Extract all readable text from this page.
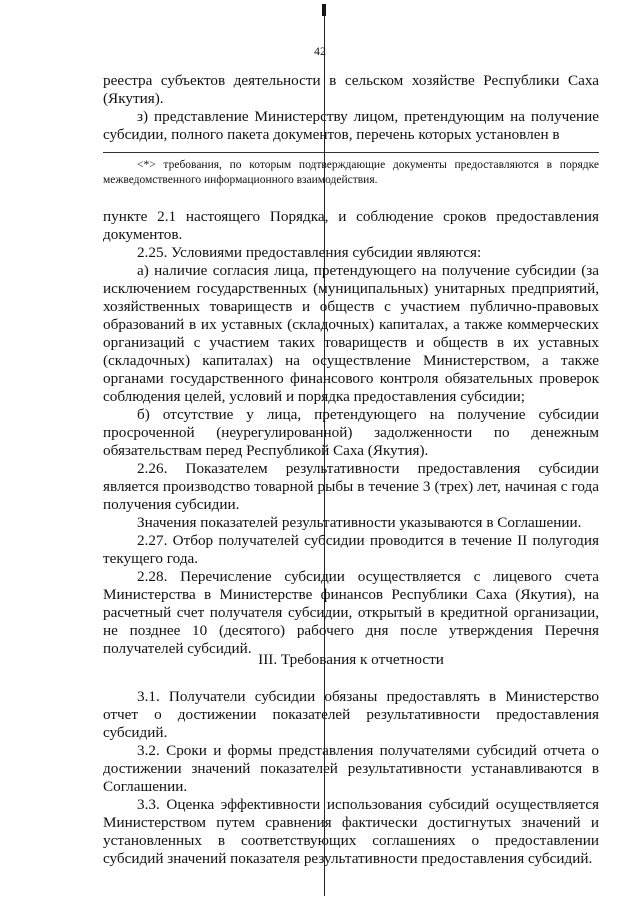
42

реестра субъектов деятельности в сельском хозяйстве Республики Саха (Якутия).

з) представление Министерству лицом, претендующим на получение субсидии, полного пакета документов, перечень которых установлен в

<*> требования, по которым подтверждающие документы предоставляются в порядке межведомственного информационного взаимодействия.

пункте 2.1 настоящего Порядка, и соблюдение сроков предоставления документов.

2.25. Условиями предоставления субсидии являются:

а) наличие согласия лица, претендующего на получение субсидии (за исключением государственных (муниципальных) унитарных предприятий, хозяйственных товариществ и обществ с участием публично-правовых образований в их уставных (складочных) капиталах, а также коммерческих организаций с участием таких товариществ и обществ в их уставных (складочных) капиталах) на осуществление Министерством, а также органами государственного финансового контроля обязательных проверок соблюдения целей, условий и порядка предоставления субсидии;

б) отсутствие у лица, претендующего на получение субсидии просроченной (неурегулированной) задолженности по денежным обязательствам перед Республикой Саха (Якутия).

2.26. Показателем результативности предоставления субсидии является производство товарной рыбы в течение 3 (трех) лет, начиная с года получения субсидии.

Значения показателей результативности указываются в Соглашении.

2.27. Отбор получателей субсидии проводится в течение II полугодия текущего года.

2.28. Перечисление субсидии осуществляется с лицевого счета Министерства в Министерстве финансов Республики Саха (Якутия), на расчетный счет получателя субсидии, открытый в кредитной организации, не позднее 10 (десятого) рабочего дня после утверждения Перечня получателей субсидий.

III. Требования к отчетности

3.1. Получатели субсидии обязаны предоставлять в Министерство отчет о достижении показателей результативности предоставления субсидий.

3.2. Сроки и формы представления получателями субсидий отчета о достижении значений показателей результативности устанавливаются в Соглашении.

3.3. Оценка эффективности использования субсидий осуществляется Министерством путем сравнения фактически достигнутых значений и установленных в соответствующих соглашениях о предоставлении субсидий значений показателя результативности предоставления субсидий.
